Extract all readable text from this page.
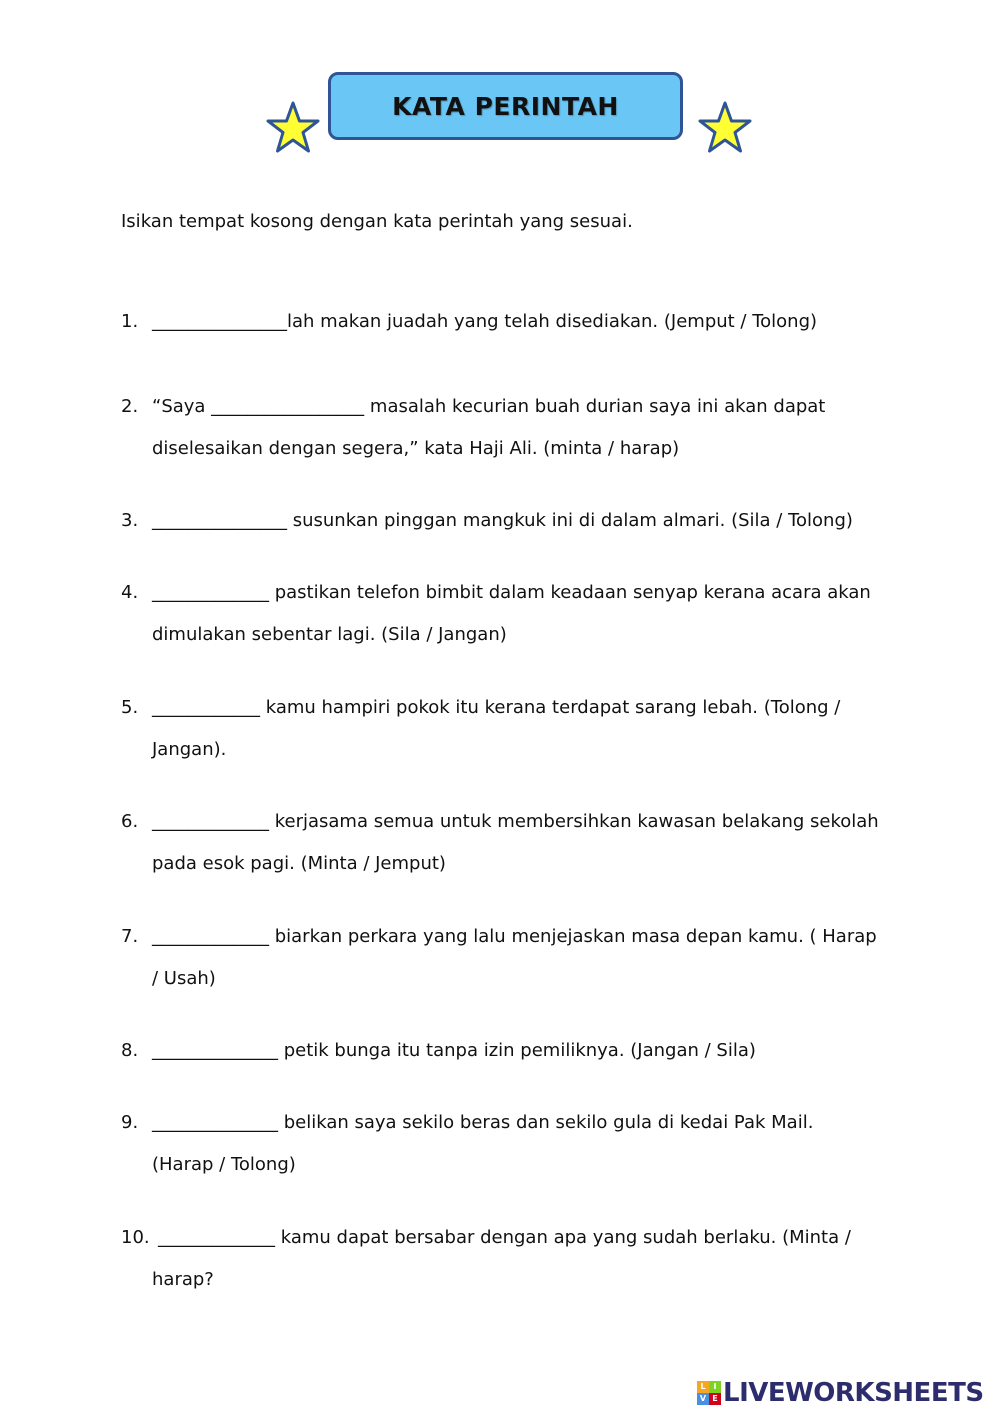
KATA PERINTAH
Isikan tempat kosong dengan kata perintah yang sesuai.
1. _______________lah makan juadah yang telah disediakan. (Jemput / Tolong)
2. “Saya _________________ masalah kecurian buah durian saya ini akan dapat
diselesaikan dengan segera,” kata Haji Ali. (minta / harap)
3. _______________ susunkan pinggan mangkuk ini di dalam almari. (Sila / Tolong)
4. _____________ pastikan telefon bimbit dalam keadaan senyap kerana acara akan
dimulakan sebentar lagi. (Sila / Jangan)
5. ____________ kamu hampiri pokok itu kerana terdapat sarang lebah. (Tolong /
Jangan).
6. _____________ kerjasama semua untuk membersihkan kawasan belakang sekolah
pada esok pagi. (Minta / Jemput)
7. _____________ biarkan perkara yang lalu menjejaskan masa depan kamu. ( Harap
/ Usah)
8. ______________ petik bunga itu tanpa izin pemiliknya. (Jangan / Sila)
9. ______________ belikan saya sekilo beras dan sekilo gula di kedai Pak Mail.
(Harap / Tolong)
10. _____________ kamu dapat bersabar dengan apa yang sudah berlaku. (Minta /
harap?
L I
V E LIVEWORKSHEETS
